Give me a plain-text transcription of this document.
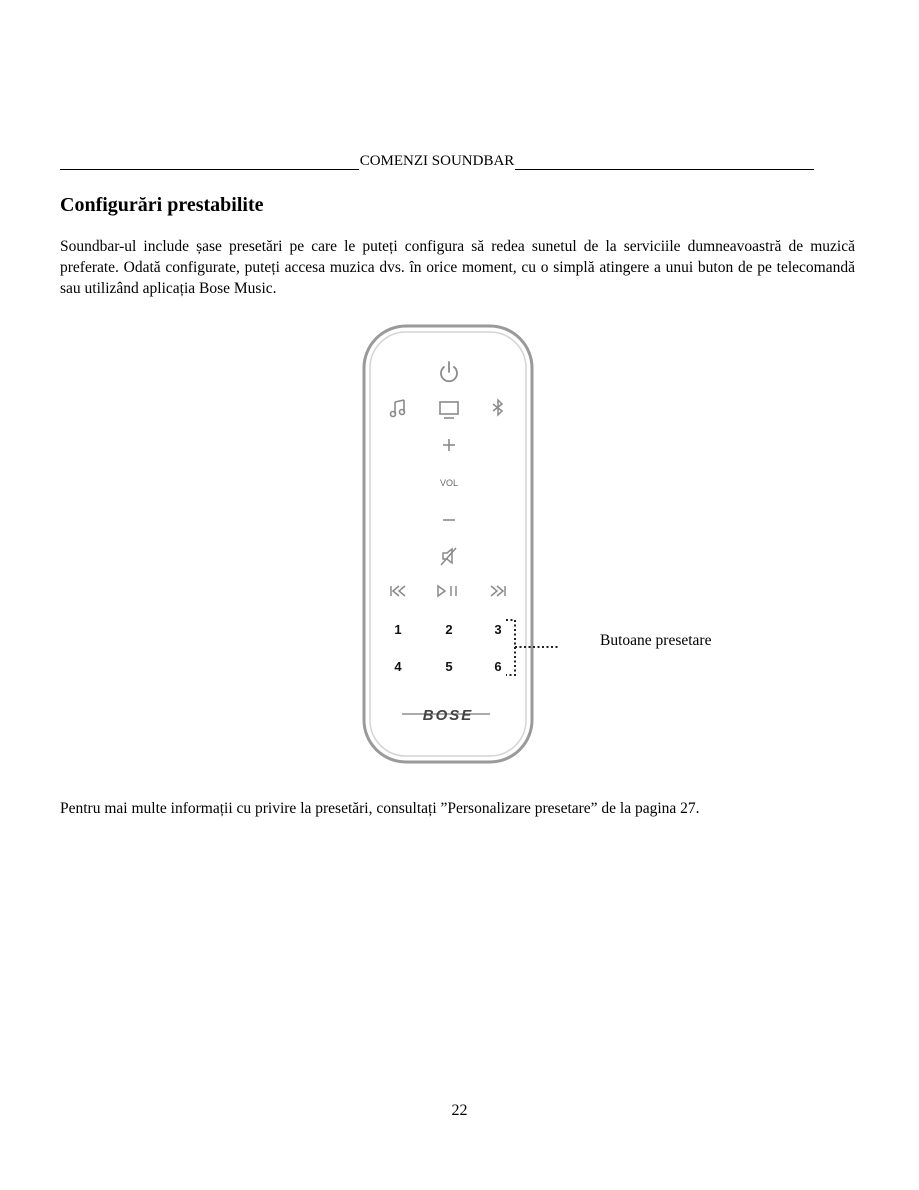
COMENZI SOUNDBAR
Configurări prestabilite

Soundbar-ul include șase presetări pe care le puteți configura să redea sunetul de la serviciile dumneavoastră de muzică preferate. Odată configurate, puteți accesa muzica dvs. în orice moment, cu o simplă atingere a unui buton de pe telecomandă sau utilizând aplicația Bose Music.

VOL
1	2	3
4	5	6
BOSE
Butoane presetare

Pentru mai multe informații cu privire la presetări, consultați ”Personalizare presetare” de la pagina 27.

22
